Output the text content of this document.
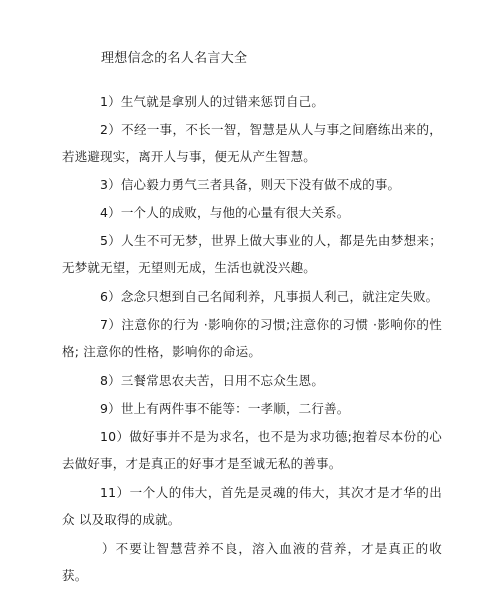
理想信念的名人名言大全

1）生气就是拿别人的过错来惩罚自己。

2）不经一事，不长一智，智慧是从人与事之间磨练出来的， 若逃避现实，离开人与事，便无从产生智慧。

3）信心毅力勇气三者具备，则天下没有做不成的事。

4）一个人的成败，与他的心量有很大关系。

5）人生不可无梦，世界上做大事业的人，都是先由梦想来； 无梦就无望，无望则无成，生活也就没兴趣。

6）念念只想到自己名闻利养，凡事损人利己，就注定失败。

7）注意你的行为 ·影响你的习惯;注意你的习惯 ·影响你的性 格; 注意你的性格，影响你的命运。

8）三餐常思农夫苦，日用不忘众生恩。

9）世上有两件事不能等：一孝顺，二行善。

10）做好事并不是为求名，也不是为求功德;抱着尽本份的心 去做好事，才是真正的好事才是至诚无私的善事。

11）一个人的伟大，首先是灵魂的伟大，其次才是才华的出众 以及取得的成就。

）不要让智慧营养不良，溶入血液的营养，才是真正的收获。
